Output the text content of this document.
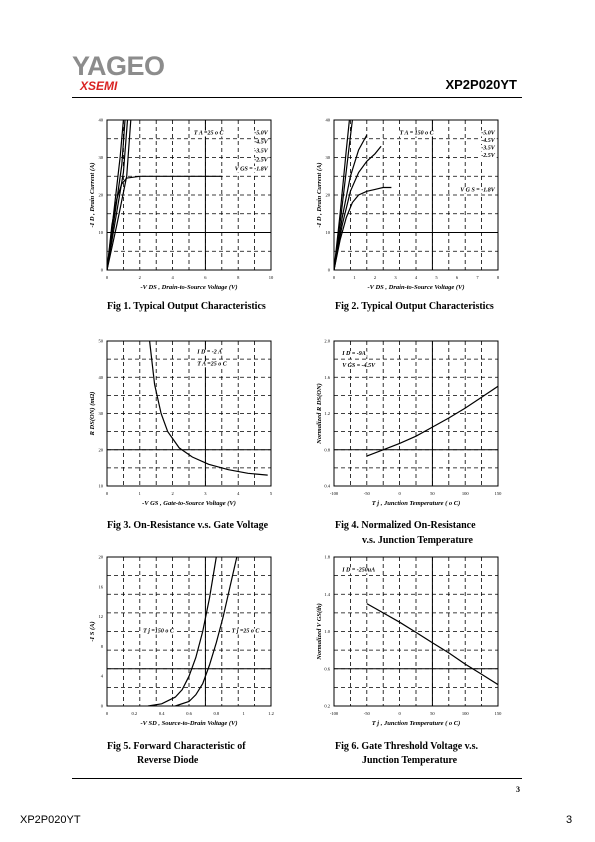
YAGEO
XSEMI	XP2P020YT
0	2	4	6	8	10
0
10
20
30
40
-V DS , Drain-to-Source Voltage (V)
-I D , Drain Current (A)
T A =25 o C	-5.0V
-4.5V
-3.5V
-2.5V
V GS = -1.8V
Fig 1. Typical Output Characteristics
0	1	2	3	4	5	6	7	8
0
10
20
30
40
-V DS , Drain-to-Source Voltage (V)
-I D , Drain Current (A)
T A = 150 o C	-5.0V
-4.5V
-3.5V
-2.5V
V G S = -1.8V
Fig 2. Typical Output Characteristics
0	1	2	3	4	5
10
20
30
40
50
-V GS , Gate-to-Source Voltage (V)
R DS(ON) (mΩ)
I D = -2 A
T A =25 o C
Fig 3. On-Resistance v.s. Gate Voltage
-100	-50	0	50	100	150
0.4
0.8
1.2
1.6
2.0
T j , Junction Temperature ( o C)
Normalized R DS(ON)
I D = -9A
V GS = -4.5V
Fig 4. Normalized On-Resistance
v.s. Junction Temperature
0	0.2	0.4	0.6	0.8	1	1.2
0
4
8
12
16
20
-V SD , Source-to-Drain Voltage (V)
-I S (A)	T j =150 o C	T j =25 o C
Fig 5. Forward Characteristic of
Reverse Diode
-100	-50	0	50	100	150
0.2
0.6
1.0
1.4
1.8
T j , Junction Temperature ( o C)
Normalized V GS(th)
I D = -250uA
Fig 6. Gate Threshold Voltage v.s.
Junction Temperature
3
XP2P020YT	3
